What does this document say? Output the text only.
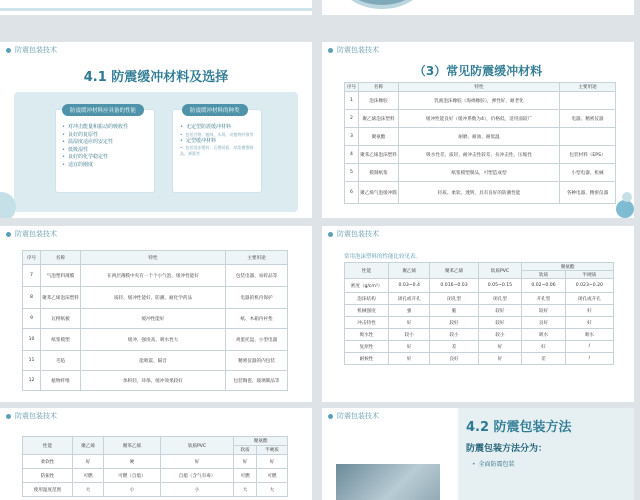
防震包装技术
4.1 防震缓冲材料及选择
防震缓冲材料应具备的性能
• 对冲击能量和振动的吸收性
• 良好的复原性
• 温湿度适应的安定性
• 低吸湿性
• 良好的化学稳定性
• 适宜的刚度
防震缓冲材料的种类
• 无定型防震缓冲材料
• 包括谷物、植绒、木屑、动植物纤维等
• 定型缓冲材料
• 包括泡沫塑料、瓦楞纸板、纸浆模塑制品、弹簧等
防震包装技术
（3）常见防震缓冲材料
序号	名称	特性	主要用途
1	泡沫橡胶	乳液泡沫橡胶（海绵橡胶），弹性好，耐老化	
2	聚乙烯泡沫塑料	缓冲性能良好（缓冲系数为4），价格低，适用面较广	电器、精密仪器
3	聚氨酯	耐磨、耐油、耐低温	
4	聚苯乙烯泡沫塑料	吸水性差，质轻、耐冲击性较差、抗冲击性、压缩性	包装材料（EPS）
5	模制纸浆	纸浆模塑制品，可塑造成型	小型电器、机械
6	聚乙烯气泡缓冲膜	轻质、柔软、透明，具有良好的防潮性能	各种电器、精密仪器
防震包装技术
序号	名称	特性	主要用途
7	气泡塑料薄膜	在两层薄膜中夹有一个个小气泡，缓冲性能好	包装电器、易碎品等
8	聚苯乙烯泡沫塑料	质轻、缓冲性能好、防潮、耐化学药品	电器的机内保护
9	瓦楞纸板	缓冲性能好	纸、木箱内衬垫
10	纸浆模塑	缓冲、强度高、吸水性大	鸡蛋托盘、小型电器
11	毛毡	能吸震、隔音	精密仪器的内包装
12	植物纤维	体积轻，环保、缓冲效果较好	包装陶瓷、玻璃制品等
防震包装技术
常用泡沫塑料的性能比较见表。
性能	聚乙烯	聚苯乙烯	软质PVC	聚氨酯	
				软质	半硬质
密度（g/cm³）	0.03~0.4	0.016~0.03	0.05~0.15	0.02~0.06	0.023~0.20
泡沫结构	闭孔或开孔	闭孔型	闭孔型	开孔型	闭孔或开孔
机械强度	强	脆	较好	较好	好
冲击特性	好	较好	较好	良好	好
吸水性	较小	较小	较小	吸水	吸水
复原性	好	差	好	好	/
耐候性	好	良好	好	差	/
防震包装技术
性能	聚乙烯	聚苯乙烯	软质PVC	聚氨酯	
				软质	半硬质
柔软性	好	硬	好	好	好
防振性	可燃	可燃（自熄）	自熄（含气有毒）	可燃	可燃
使用温度范围	大	小	小	大	大
防震包装技术
4.2 防震包装方法
防震包装方法分为：
• 全面防震包装
